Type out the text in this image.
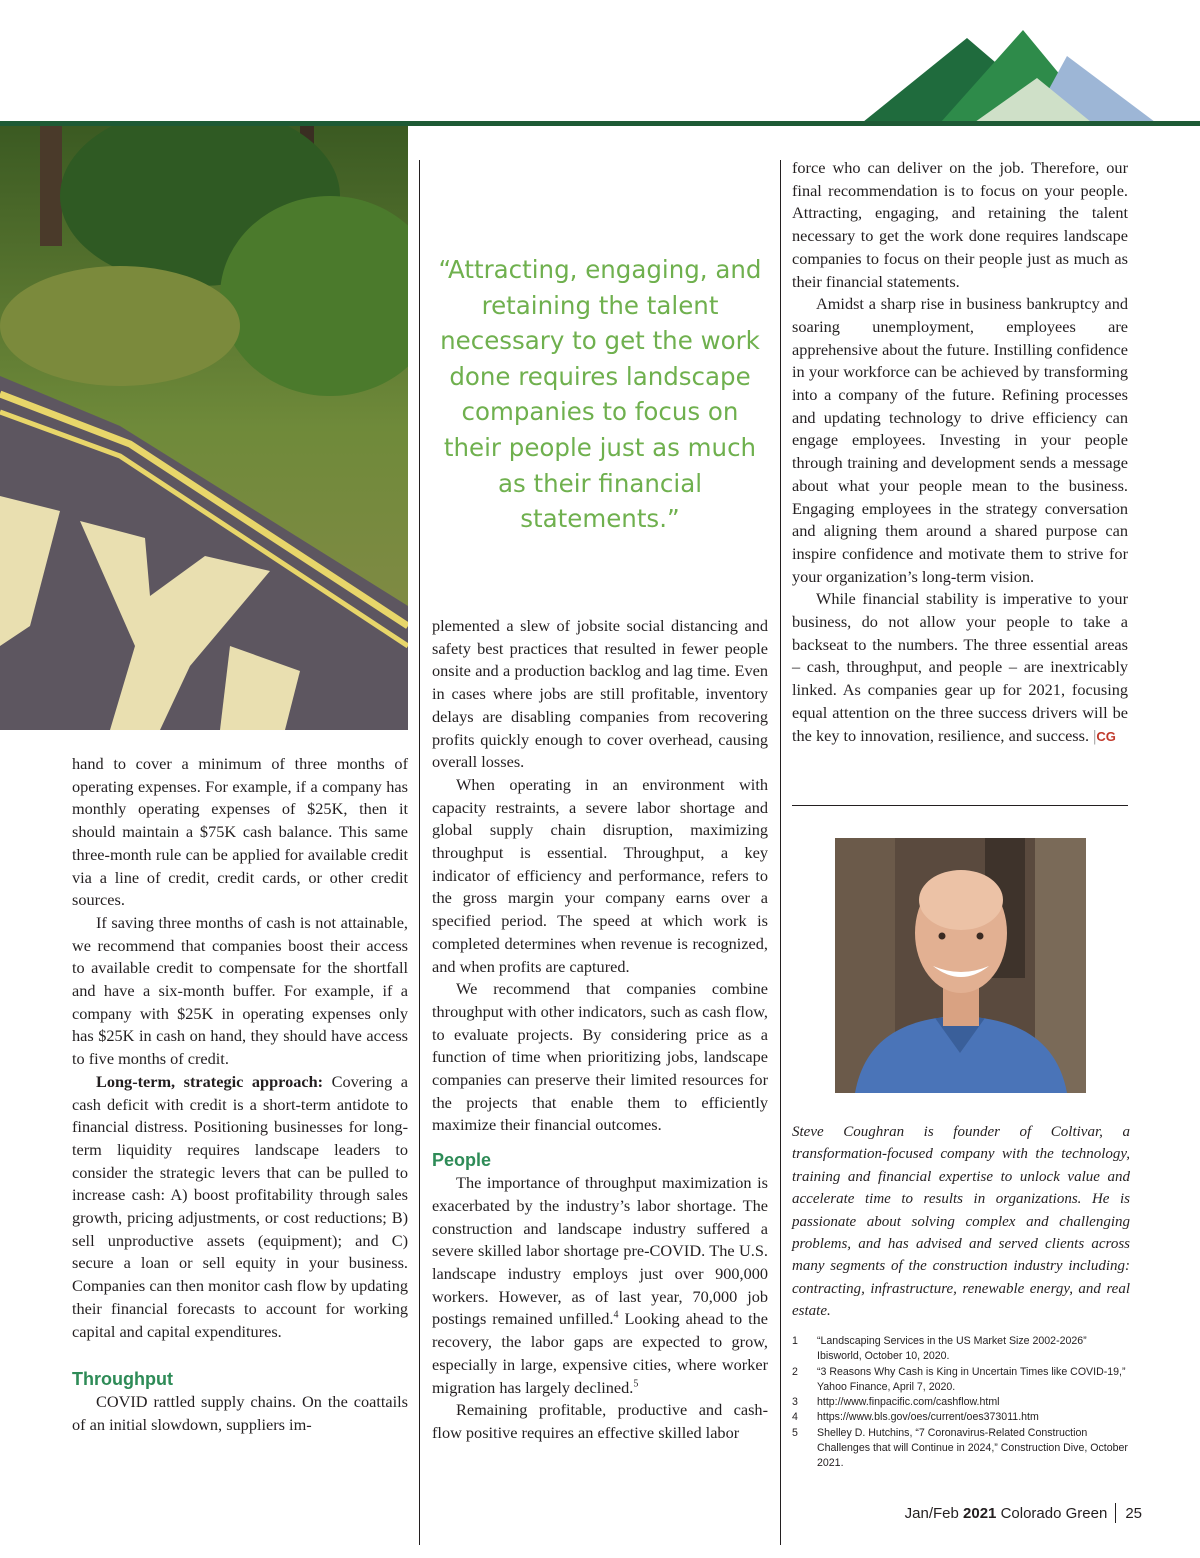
hand to cover a minimum of three months of operating expenses. For example, if a company has monthly operating expenses of $25K, then it should maintain a $75K cash balance. This same three-month rule can be applied for available credit via a line of credit, credit cards, or other credit sources.

If saving three months of cash is not attainable, we recommend that companies boost their access to available credit to compensate for the shortfall and have a six-month buffer. For example, if a company with $25K in operating expenses only has $25K in cash on hand, they should have access to five months of credit.

Long-term, strategic approach: Covering a cash deficit with credit is a short-term antidote to financial distress. Positioning businesses for long-term liquidity requires landscape leaders to consider the strategic levers that can be pulled to increase cash: A) boost profitability through sales growth, pricing adjustments, or cost reductions; B) sell unproductive assets (equipment); and C) secure a loan or sell equity in your business. Companies can then monitor cash flow by updating their financial forecasts to account for working capital and capital expenditures.

Throughput

COVID rattled supply chains. On the coattails of an initial slowdown, suppliers im-

“Attracting, engaging, and retaining the talent necessary to get the work done requires landscape companies to focus on their people just as much as their financial statements.”

plemented a slew of jobsite social distancing and safety best practices that resulted in fewer people onsite and a production backlog and lag time. Even in cases where jobs are still profitable, inventory delays are disabling companies from recovering profits quickly enough to cover overhead, causing overall losses.

When operating in an environment with capacity restraints, a severe labor shortage and global supply chain disruption, maximizing throughput is essential. Throughput, a key indicator of efficiency and performance, refers to the gross margin your company earns over a specified period. The speed at which work is completed determines when revenue is recognized, and when profits are captured.

We recommend that companies combine throughput with other indicators, such as cash flow, to evaluate projects. By considering price as a function of time when prioritizing jobs, landscape companies can preserve their limited resources for the projects that enable them to efficiently maximize their financial outcomes.

People

The importance of throughput maximization is exacerbated by the industry’s labor shortage. The construction and landscape industry suffered a severe skilled labor shortage pre-COVID. The U.S. landscape industry employs just over 900,000 workers. However, as of last year, 70,000 job postings remained unfilled.$^4$ Looking ahead to the recovery, the labor gaps are expected to grow, especially in large, expensive cities, where worker migration has largely declined.$^5$

Remaining profitable, productive and cash-flow positive requires an effective skilled labor

force who can deliver on the job. Therefore, our final recommendation is to focus on your people. Attracting, engaging, and retaining the talent necessary to get the work done requires landscape companies to focus on their people just as much as their financial statements.

Amidst a sharp rise in business bankruptcy and soaring unemployment, employees are apprehensive about the future. Instilling confidence in your workforce can be achieved by transforming into a company of the future. Refining processes and updating technology to drive efficiency can engage employees. Investing in your people through training and development sends a message about what your people mean to the business. Engaging employees in the strategy conversation and aligning them around a shared purpose can inspire confidence and motivate them to strive for your organization’s long-term vision.

While financial stability is imperative to your business, do not allow your people to take a backseat to the numbers. The three essential areas – cash, throughput, and people – are inextricably linked. As companies gear up for 2021, focusing equal attention on the three success drivers will be the key to innovation, resilience, and success. |CG

Steve Coughran is founder of Coltivar, a transformation-focused company with the technology, training and financial expertise to unlock value and accelerate time to results in organizations. He is passionate about solving complex and challenging problems, and has advised and served clients across many segments of the construction industry including: contracting, infrastructure, renewable energy, and real estate.
1 “Landscaping Services in the US Market Size 2002-2026” Ibisworld, October 10, 2020.
2 “3 Reasons Why Cash is King in Uncertain Times like COVID-19,” Yahoo Finance, April 7, 2020.
3 http://www.finpacific.com/cashflow.html
4 https://www.bls.gov/oes/current/oes373011.htm
5 Shelley D. Hutchins, “7 Coronavirus-Related Construction Challenges that will Continue in 2024,” Construction Dive, October 2021.
Jan/Feb 2021 Colorado Green 25
